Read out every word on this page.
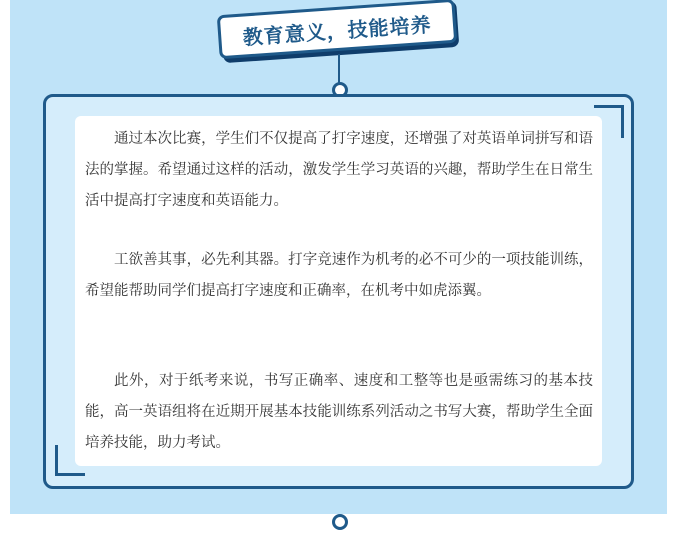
教育意义，技能培养

通过本次比赛，学生们不仅提高了打字速度，还增强了对英语单词拼写和语法的掌握。希望通过这样的活动，激发学生学习英语的兴趣，帮助学生在日常生活中提高打字速度和英语能力。

工欲善其事，必先利其器。打字竞速作为机考的必不可少的一项技能训练，希望能帮助同学们提高打字速度和正确率，在机考中如虎添翼。

此外，对于纸考来说，书写正确率、速度和工整等也是亟需练习的基本技能，高一英语组将在近期开展基本技能训练系列活动之书写大赛，帮助学生全面培养技能，助力考试。
